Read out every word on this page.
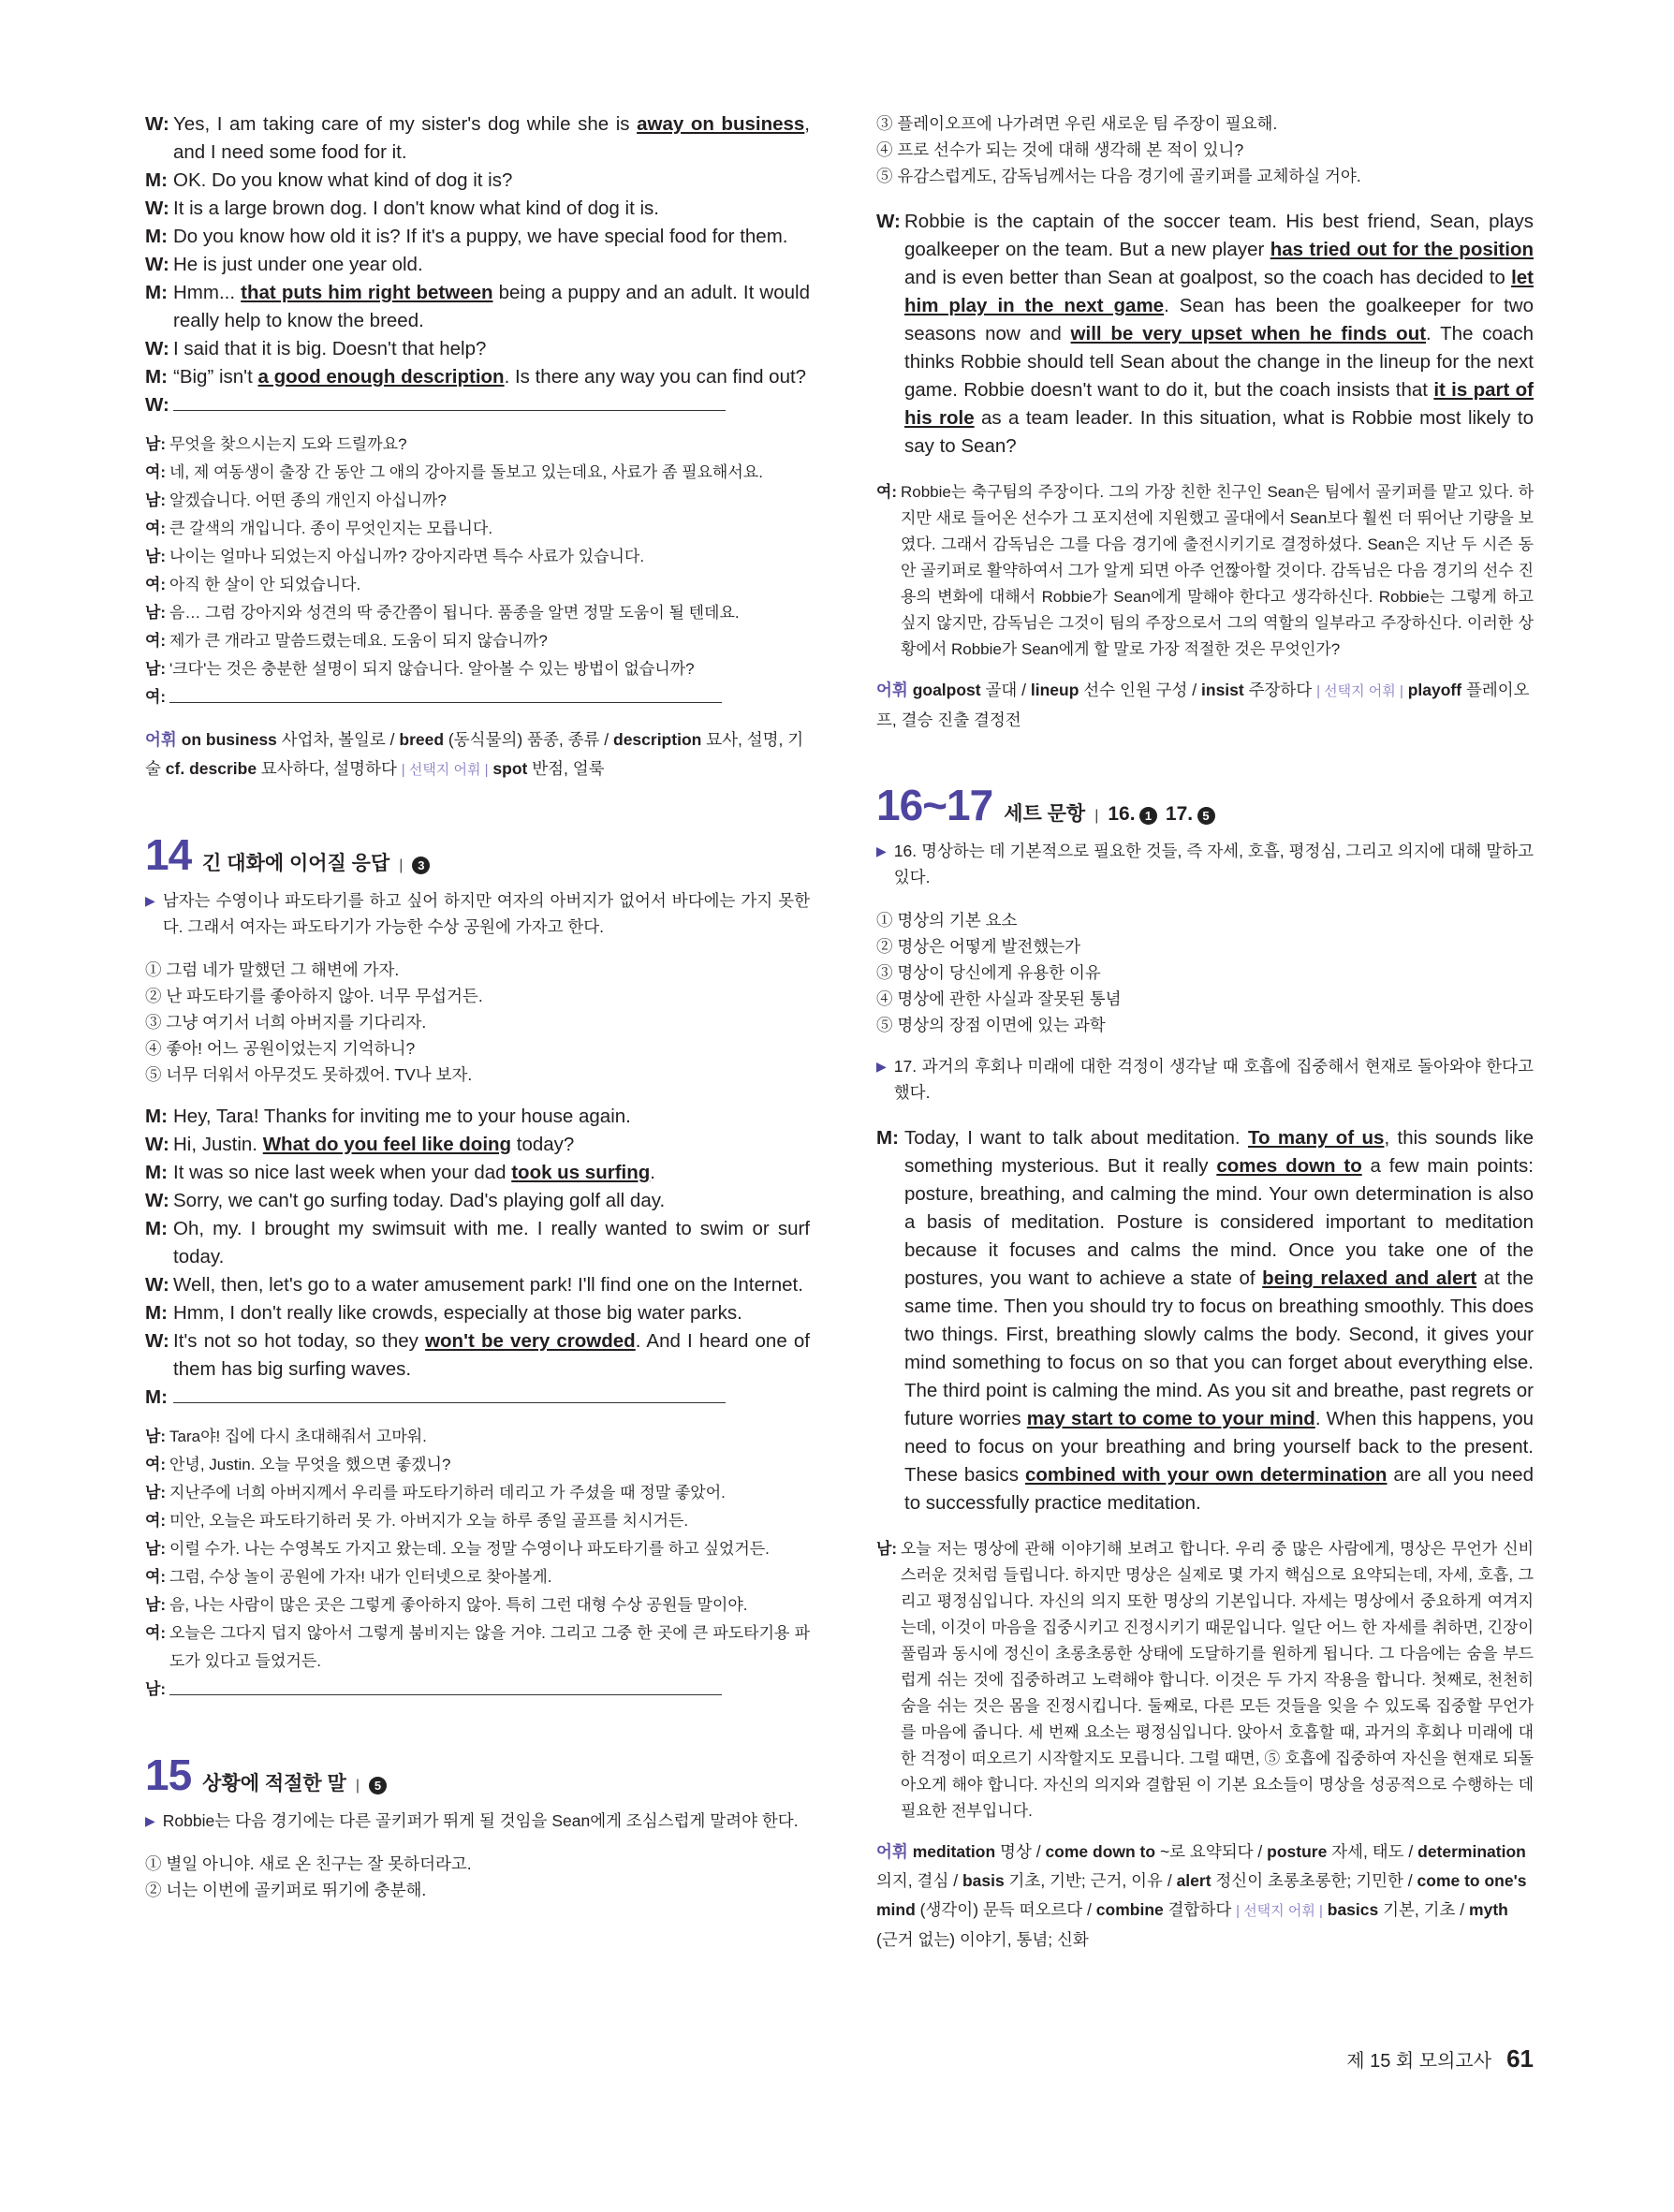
W: Yes, I am taking care of my sister's dog while she is away on business, and I need some food for it.
M: OK. Do you know what kind of dog it is?
W: It is a large brown dog. I don't know what kind of dog it is.
M: Do you know how old it is? If it's a puppy, we have special food for them.
W: He is just under one year old.
M: Hmm... that puts him right between being a puppy and an adult. It would really help to know the breed.
W: I said that it is big. Doesn't that help?
M: “Big” isn't a good enough description. Is there any way you can find out?
W:
남: 무엇을 찾으시는지 도와 드릴까요?
여: 네, 제 여동생이 출장 간 동안 그 애의 강아지를 돌보고 있는데요, 사료가 좀 필요해서요.
남: 알겠습니다. 어떤 종의 개인지 아십니까?
여: 큰 갈색의 개입니다. 종이 무엇인지는 모릅니다.
남: 나이는 얼마나 되었는지 아십니까? 강아지라면 특수 사료가 있습니다.
여: 아직 한 살이 안 되었습니다.
남: 음… 그럼 강아지와 성견의 딱 중간쯤이 됩니다. 품종을 알면 정말 도움이 될 텐데요.
여: 제가 큰 개라고 말씀드렸는데요. 도움이 되지 않습니까?
남: '크다'는 것은 충분한 설명이 되지 않습니다. 알아볼 수 있는 방법이 없습니까?
여:
어휘 on business 사업차, 볼일로 / breed (동식물의) 품종, 종류 / description 묘사, 설명, 기술 cf. describe 묘사하다, 설명하다 | 선택지 어휘 | spot 반점, 얼룩
14 긴 대화에 이어질 응답 |	3
▶ 남자는 수영이나 파도타기를 하고 싶어 하지만 여자의 아버지가 없어서 바다에는 가지 못한다. 그래서 여자는 파도타기가 가능한 수상 공원에 가자고 한다.
① 그럼 네가 말했던 그 해변에 가자.
② 난 파도타기를 좋아하지 않아. 너무 무섭거든.
③ 그냥 여기서 너희 아버지를 기다리자.
④ 좋아! 어느 공원이었는지 기억하니?
⑤ 너무 더워서 아무것도 못하겠어. TV나 보자.
M: Hey, Tara! Thanks for inviting me to your house again.
W: Hi, Justin. What do you feel like doing today?
M: It was so nice last week when your dad took us surfing.
W: Sorry, we can't go surfing today. Dad's playing golf all day.
M: Oh, my. I brought my swimsuit with me. I really wanted to swim or surf today.
W: Well, then, let's go to a water amusement park! I'll find one on the Internet.
M: Hmm, I don't really like crowds, especially at those big water parks.
W: It's not so hot today, so they won't be very crowded. And I heard one of them has big surfing waves.
M:
남: Tara야! 집에 다시 초대해줘서 고마워.
여: 안녕, Justin. 오늘 무엇을 했으면 좋겠니?
남: 지난주에 너희 아버지께서 우리를 파도타기하러 데리고 가 주셨을 때 정말 좋았어.
여: 미안, 오늘은 파도타기하러 못 가. 아버지가 오늘 하루 종일 골프를 치시거든.
남: 이럴 수가. 나는 수영복도 가지고 왔는데. 오늘 정말 수영이나 파도타기를 하고 싶었거든.
여: 그럼, 수상 놀이 공원에 가자! 내가 인터넷으로 찾아볼게.
남: 음, 나는 사람이 많은 곳은 그렇게 좋아하지 않아. 특히 그런 대형 수상 공원들 말이야.
여: 오늘은 그다지 덥지 않아서 그렇게 붐비지는 않을 거야. 그리고 그중 한 곳에 큰 파도타기용 파도가 있다고 들었거든.
남:
15 상황에 적절한 말 |	5
▶ Robbie는 다음 경기에는 다른 골키퍼가 뛰게 될 것임을 Sean에게 조심스럽게 말려야 한다.
① 별일 아니야. 새로 온 친구는 잘 못하더라고.
② 너는 이번에 골키퍼로 뛰기에 충분해.
③ 플레이오프에 나가려면 우린 새로운 팀 주장이 필요해.
④ 프로 선수가 되는 것에 대해 생각해 본 적이 있니?
⑤ 유감스럽게도, 감독님께서는 다음 경기에 골키퍼를 교체하실 거야.
W: Robbie is the captain of the soccer team. His best friend, Sean, plays goalkeeper on the team. But a new player has tried out for the position and is even better than Sean at goalpost, so the coach has decided to let him play in the next game. Sean has been the goalkeeper for two seasons now and will be very upset when he finds out. The coach thinks Robbie should tell Sean about the change in the lineup for the next game. Robbie doesn't want to do it, but the coach insists that it is part of his role as a team leader. In this situation, what is Robbie most likely to say to Sean?
여: Robbie는 축구팀의 주장이다. 그의 가장 친한 친구인 Sean은 팀에서 골키퍼를 맡고 있다. 하지만 새로 들어온 선수가 그 포지션에 지원했고 골대에서 Sean보다 훨씬 더 뛰어난 기량을 보였다. 그래서 감독님은 그를 다음 경기에 출전시키기로 결정하셨다. Sean은 지난 두 시즌 동안 골키퍼로 활약하여서 그가 알게 되면 아주 언짢아할 것이다. 감독님은 다음 경기의 선수 진용의 변화에 대해서 Robbie가 Sean에게 말해야 한다고 생각하신다. Robbie는 그렇게 하고 싶지 않지만, 감독님은 그것이 팀의 주장으로서 그의 역할의 일부라고 주장하신다. 이러한 상황에서 Robbie가 Sean에게 할 말로 가장 적절한 것은 무엇인가?
어휘 goalpost 골대 / lineup 선수 인원 구성 / insist 주장하다 | 선택지 어휘 | playoff 플레이오프, 결승 진출 결정전
16~17 세트 문항 | 16.
1
17.
5
▶ 16. 명상하는 데 기본적으로 필요한 것들, 즉 자세, 호흡, 평정심, 그리고 의지에 대해 말하고 있다.
① 명상의 기본 요소
② 명상은 어떻게 발전했는가
③ 명상이 당신에게 유용한 이유
④ 명상에 관한 사실과 잘못된 통념
⑤ 명상의 장점 이면에 있는 과학
▶ 17. 과거의 후회나 미래에 대한 걱정이 생각날 때 호흡에 집중해서 현재로 돌아와야 한다고 했다.
M: Today, I want to talk about meditation. To many of us, this sounds like something mysterious. But it really comes down to a few main points: posture, breathing, and calming the mind. Your own determination is also a basis of meditation. Posture is considered important to meditation because it focuses and calms the mind. Once you take one of the postures, you want to achieve a state of being relaxed and alert at the same time. Then you should try to focus on breathing smoothly. This does two things. First, breathing slowly calms the body. Second, it gives your mind something to focus on so that you can forget about everything else. The third point is calming the mind. As you sit and breathe, past regrets or future worries may start to come to your mind. When this happens, you need to focus on your breathing and bring yourself back to the present. These basics combined with your own determination are all you need to successfully practice meditation.
남: 오늘 저는 명상에 관해 이야기해 보려고 합니다. 우리 중 많은 사람에게, 명상은 무언가 신비스러운 것처럼 들립니다. 하지만 명상은 실제로 몇 가지 핵심으로 요약되는데, 자세, 호흡, 그리고 평정심입니다. 자신의 의지 또한 명상의 기본입니다. 자세는 명상에서 중요하게 여겨지는데, 이것이 마음을 집중시키고 진정시키기 때문입니다. 일단 어느 한 자세를 취하면, 긴장이 풀림과 동시에 정신이 초롱초롱한 상태에 도달하기를 원하게 됩니다. 그 다음에는 숨을 부드럽게 쉬는 것에 집중하려고 노력해야 합니다. 이것은 두 가지 작용을 합니다. 첫째로, 천천히 숨을 쉬는 것은 몸을 진정시킵니다. 둘째로, 다른 모든 것들을 잊을 수 있도록 집중할 무언가를 마음에 줍니다. 세 번째 요소는 평정심입니다. 앉아서 호흡할 때, 과거의 후회나 미래에 대한 걱정이 떠오르기 시작할지도 모릅니다. 그럴 때면, ⑤ 호흡에 집중하여 자신을 현재로 되돌아오게 해야 합니다. 자신의 의지와 결합된 이 기본 요소들이 명상을 성공적으로 수행하는 데 필요한 전부입니다.
어휘 meditation 명상 / come down to ~로 요약되다 / posture 자세, 태도 / determination 의지, 결심 / basis 기초, 기반; 근거, 이유 / alert 정신이 초롱초롱한; 기민한 / come to one's mind (생각이) 문득 떠오르다 / combine 결합하다 | 선택지 어휘 | basics 기본, 기초 / myth (근거 없는) 이야기, 통념; 신화
제 15 회 모의고사 61
